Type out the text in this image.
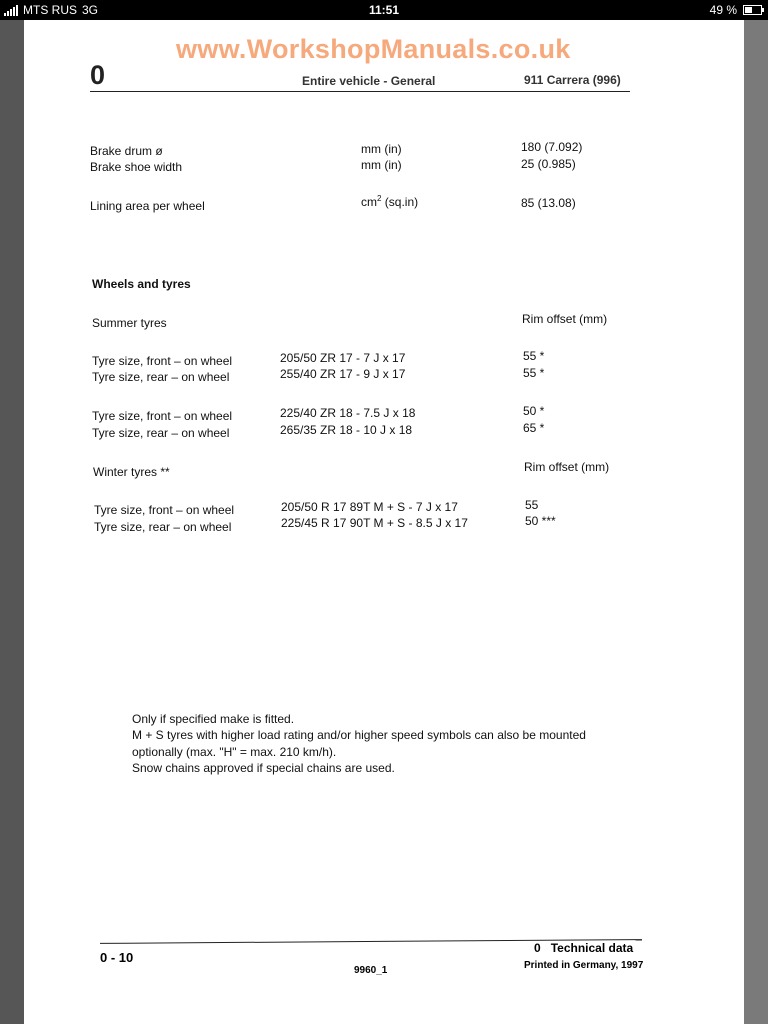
MTS RUS 3G	11:51	49 %
www.WorkshopManuals.co.uk
0	Entire vehicle - General	911 Carrera (996)
Brake drum ø	mm (in)	180 (7.092)
Brake shoe width	mm (in)	25 (0.985)
Lining area per wheel	$cm^2$ (sq.in)	85 (13.08)
Wheels and tyres
Summer tyres	Rim offset (mm)
Tyre size, front – on wheel	205/50 ZR 17 - 7 J x 17	55 *
Tyre size, rear – on wheel	255/40 ZR 17 - 9 J x 17	55 *
Tyre size, front – on wheel	225/40 ZR 18 - 7.5 J x 18	50 *
Tyre size, rear – on wheel	265/35 ZR 18 - 10 J x 18	65 *
Winter tyres **	Rim offset (mm)
Tyre size, front – on wheel	205/50 R 17 89T M + S - 7 J x 17	55
Tyre size, rear – on wheel	225/45 R 17 90T M + S - 8.5 J x 17	50 ***
Only if specified make is fitted.
M + S tyres with higher load rating and/or higher speed symbols can also be mounted
optionally (max. "H" = max. 210 km/h).
Snow chains approved if special chains are used.
0 - 10
0 Technical data
9960_1	Printed in Germany, 1997
